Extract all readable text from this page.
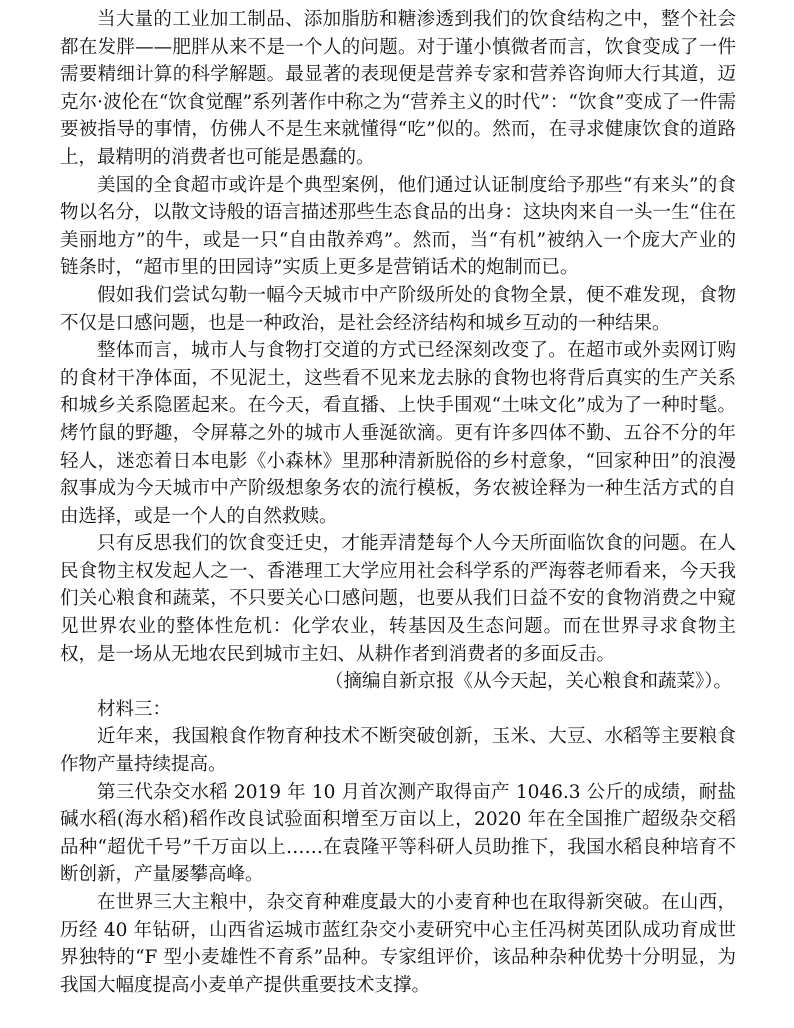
当大量的工业加工制品、添加脂肪和糖渗透到我们的饮食结构之中，整个社会都在发胖——肥胖从来不是一个人的问题。对于谨小慎微者而言，饮食变成了一件需要精细计算的科学解题。最显著的表现便是营养专家和营养咨询师大行其道，迈克尔·波伦在“饮食觉醒”系列著作中称之为“营养主义的时代”：“饮食”变成了一件需要被指导的事情，仿佛人不是生来就懂得“吃”似的。然而，在寻求健康饮食的道路上，最精明的消费者也可能是愚蠢的。

美国的全食超市或许是个典型案例，他们通过认证制度给予那些“有来头”的食物以名分，以散文诗般的语言描述那些生态食品的出身：这块肉来自一头一生“住在美丽地方”的牛，或是一只“自由散养鸡”。然而，当“有机”被纳入一个庞大产业的链条时，“超市里的田园诗”实质上更多是营销话术的炮制而已。

假如我们尝试勾勒一幅今天城市中产阶级所处的食物全景，便不难发现，食物不仅是口感问题，也是一种政治，是社会经济结构和城乡互动的一种结果。

整体而言，城市人与食物打交道的方式已经深刻改变了。在超市或外卖网订购的食材干净体面，不见泥土，这些看不见来龙去脉的食物也将背后真实的生产关系和城乡关系隐匿起来。在今天，看直播、上快手围观“土味文化”成为了一种时髦。烤竹鼠的野趣，令屏幕之外的城市人垂涎欲滴。更有许多四体不勤、五谷不分的年轻人，迷恋着日本电影《小森林》里那种清新脱俗的乡村意象，“回家种田”的浪漫叙事成为今天城市中产阶级想象务农的流行模板，务农被诠释为一种生活方式的自由选择，或是一个人的自然救赎。

只有反思我们的饮食变迁史，才能弄清楚每个人今天所面临饮食的问题。在人民食物主权发起人之一、香港理工大学应用社会科学系的严海蓉老师看来，今天我们关心粮食和蔬菜，不只要关心口感问题，也要从我们日益不安的食物消费之中窥见世界农业的整体性危机：化学农业，转基因及生态问题。而在世界寻求食物主权，是一场从无地农民到城市主妇、从耕作者到消费者的多面反击。

（摘编自新京报《从今天起，关心粮食和蔬菜》）。

材料三：

近年来，我国粮食作物育种技术不断突破创新，玉米、大豆、水稻等主要粮食作物产量持续提高。

第三代杂交水稻 2019 年 10 月首次测产取得亩产 1046.3 公斤的成绩，耐盐碱水稻(海水稻)稻作改良试验面积增至万亩以上，2020 年在全国推广超级杂交稻品种“超优千号”千万亩以上……在袁隆平等科研人员助推下，我国水稻良种培育不断创新，产量屡攀高峰。

在世界三大主粮中，杂交育种难度最大的小麦育种也在取得新突破。在山西，历经 40 年钻研，山西省运城市蓝红杂交小麦研究中心主任冯树英团队成功育成世界独特的“F 型小麦雄性不育系”品种。专家组评价，该品种杂种优势十分明显，为我国大幅度提高小麦单产提供重要技术支撑。
